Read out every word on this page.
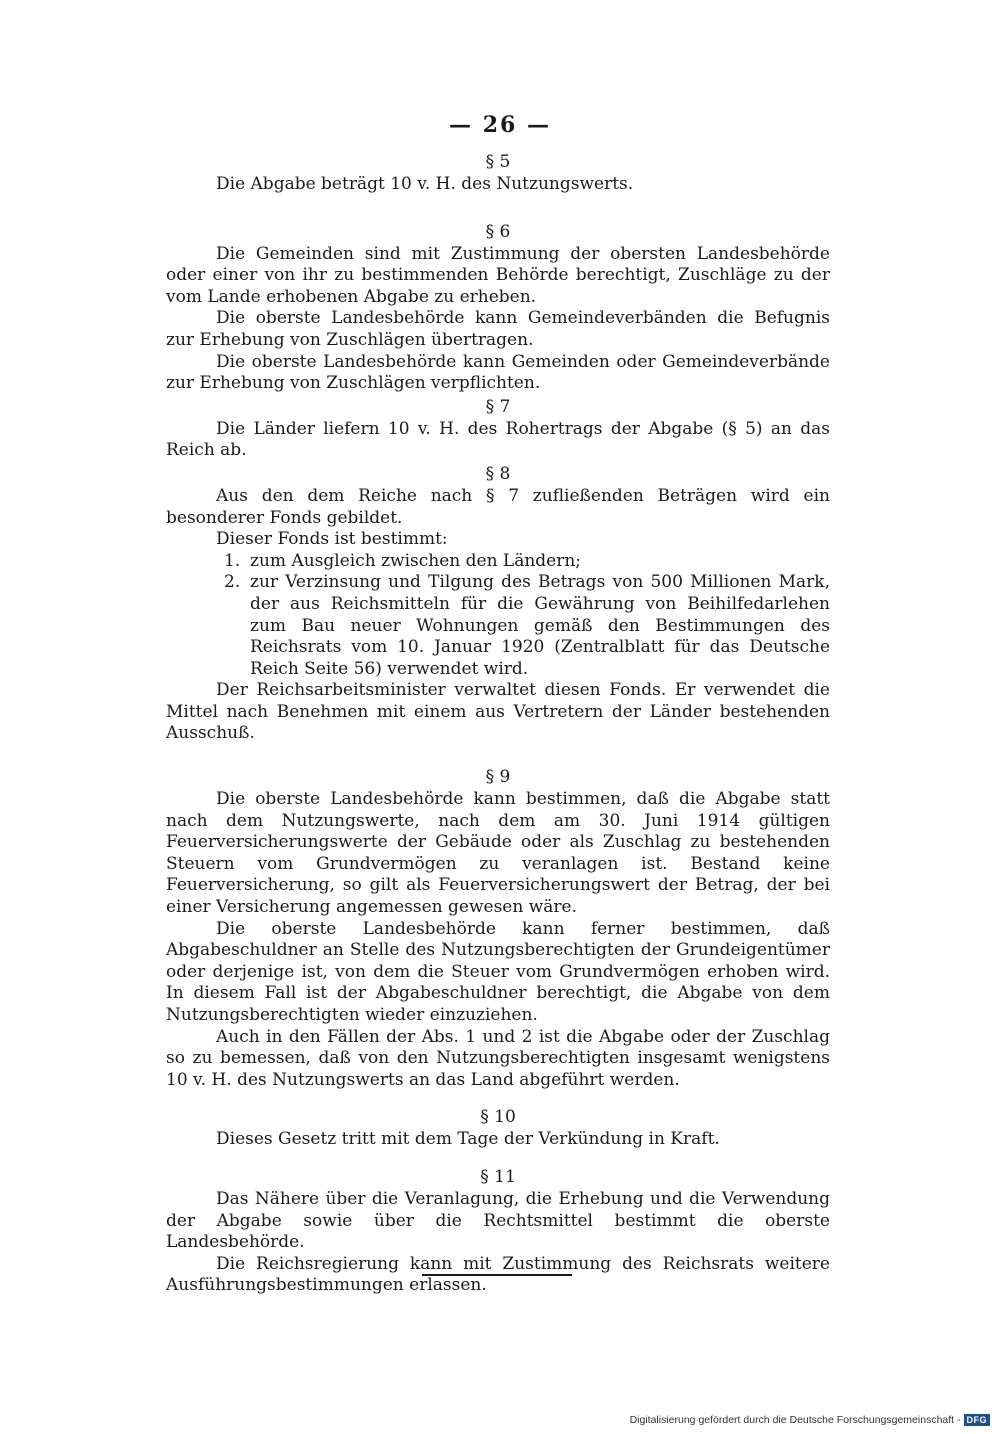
— 26 —
§ 5

Die Abgabe beträgt 10 v. H. des Nutzungswerts.

§ 6

Die Gemeinden sind mit Zustimmung der obersten Landesbehörde oder einer von ihr zu bestimmenden Behörde berechtigt, Zuschläge zu der vom Lande erhobenen Abgabe zu erheben.

Die oberste Landesbehörde kann Gemeindeverbänden die Befugnis zur Erhebung von Zuschlägen übertragen.

Die oberste Landesbehörde kann Gemeinden oder Gemeindeverbände zur Erhebung von Zuschlägen verpflichten.

§ 7

Die Länder liefern 10 v. H. des Rohertrags der Abgabe (§ 5) an das Reich ab.

§ 8

Aus den dem Reiche nach § 7 zufließenden Beträgen wird ein besonderer Fonds gebildet.

Dieser Fonds ist bestimmt:

1. zum Ausgleich zwischen den Ländern;
2. zur Verzinsung und Tilgung des Betrags von 500 Millionen Mark, der aus Reichsmitteln für die Gewährung von Beihilfedarlehen zum Bau neuer Wohnungen gemäß den Bestimmungen des Reichsrats vom 10. Januar 1920 (Zentralblatt für das Deutsche Reich Seite 56) verwendet wird.

Der Reichsarbeitsminister verwaltet diesen Fonds. Er verwendet die Mittel nach Benehmen mit einem aus Vertretern der Länder bestehenden Ausschuß.

§ 9

Die oberste Landesbehörde kann bestimmen, daß die Abgabe statt nach dem Nutzungswerte, nach dem am 30. Juni 1914 gültigen Feuerversicherungswerte der Gebäude oder als Zuschlag zu bestehenden Steuern vom Grundvermögen zu veranlagen ist. Bestand keine Feuerversicherung, so gilt als Feuerversicherungswert der Betrag, der bei einer Versicherung angemessen gewesen wäre.

Die oberste Landesbehörde kann ferner bestimmen, daß Abgabeschuldner an Stelle des Nutzungsberechtigten der Grundeigentümer oder derjenige ist, von dem die Steuer vom Grundvermögen erhoben wird. In diesem Fall ist der Abgabeschuldner berechtigt, die Abgabe von dem Nutzungsberechtigten wieder einzuziehen.

Auch in den Fällen der Abs. 1 und 2 ist die Abgabe oder der Zuschlag so zu bemessen, daß von den Nutzungsberechtigten insgesamt wenigstens 10 v. H. des Nutzungswerts an das Land abgeführt werden.

§ 10

Dieses Gesetz tritt mit dem Tage der Verkündung in Kraft.

§ 11

Das Nähere über die Veranlagung, die Erhebung und die Verwendung der Abgabe sowie über die Rechtsmittel bestimmt die oberste Landesbehörde.

Die Reichsregierung kann mit Zustimmung des Reichsrats weitere Ausführungsbestimmungen erlassen.

Digitalisierung gefördert durch die Deutsche Forschungsgemeinschaft - DFG
